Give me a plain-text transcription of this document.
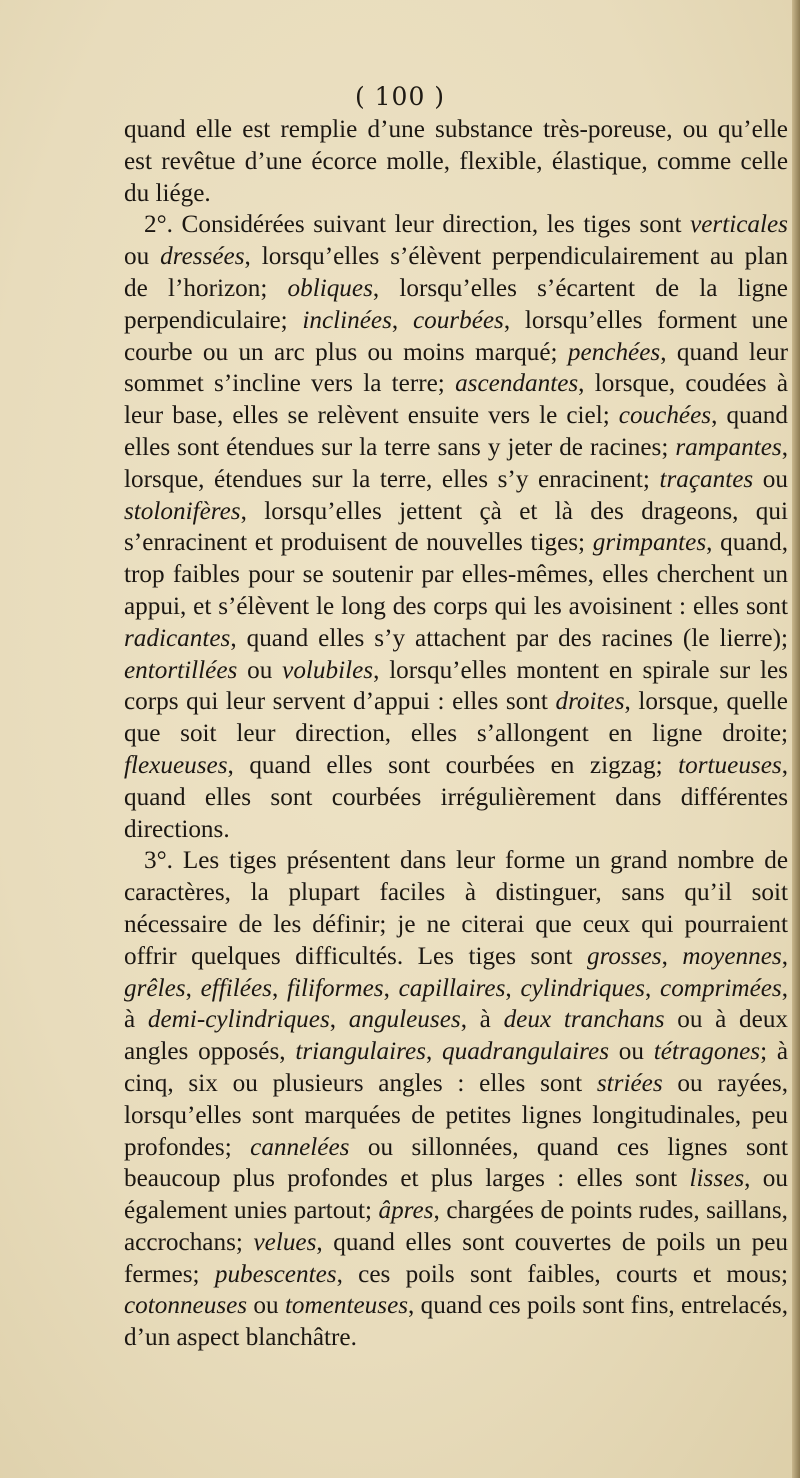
( 100 )

quand elle est remplie d’une substance très-poreuse, ou qu’elle est revêtue d’une écorce molle, flexible, élastique, comme celle du liége.

2°. Considérées suivant leur direction, les tiges sont verticales ou dressées, lorsqu’elles s’élèvent perpendiculairement au plan de l’horizon; obliques, lorsqu’elles s’écartent de la ligne perpendiculaire; inclinées, courbées, lorsqu’elles forment une courbe ou un arc plus ou moins marqué; penchées, quand leur sommet s’incline vers la terre; ascendantes, lorsque, coudées à leur base, elles se relèvent ensuite vers le ciel; couchées, quand elles sont étendues sur la terre sans y jeter de racines; rampantes, lorsque, étendues sur la terre, elles s’y enracinent; traçantes ou stolonifères, lorsqu’elles jettent çà et là des drageons, qui s’enracinent et produisent de nouvelles tiges; grimpantes, quand, trop faibles pour se soutenir par elles-mêmes, elles cherchent un appui, et s’élèvent le long des corps qui les avoisinent : elles sont radicantes, quand elles s’y attachent par des racines (le lierre); entortillées ou volubiles, lorsqu’elles montent en spirale sur les corps qui leur servent d’appui : elles sont droites, lorsque, quelle que soit leur direction, elles s’allongent en ligne droite; flexueuses, quand elles sont courbées en zigzag; tortueuses, quand elles sont courbées irrégulièrement dans différentes directions.

3°. Les tiges présentent dans leur forme un grand nombre de caractères, la plupart faciles à distinguer, sans qu’il soit nécessaire de les définir; je ne citerai que ceux qui pourraient offrir quelques difficultés. Les tiges sont grosses, moyennes, grêles, effilées, filiformes, capillaires, cylindriques, comprimées, à demi-cylindriques, anguleuses, à deux tranchans ou à deux angles opposés, triangulaires, quadrangulaires ou tétragones; à cinq, six ou plusieurs angles : elles sont striées ou rayées, lorsqu’elles sont marquées de petites lignes longitudinales, peu profondes; cannelées ou sillonnées, quand ces lignes sont beaucoup plus profondes et plus larges : elles sont lisses, ou également unies partout; âpres, chargées de points rudes, saillans, accrochans; velues, quand elles sont couvertes de poils un peu fermes; pubescentes, ces poils sont faibles, courts et mous; cotonneuses ou tomenteuses, quand ces poils sont fins, entrelacés, d’un aspect blanchâtre.
